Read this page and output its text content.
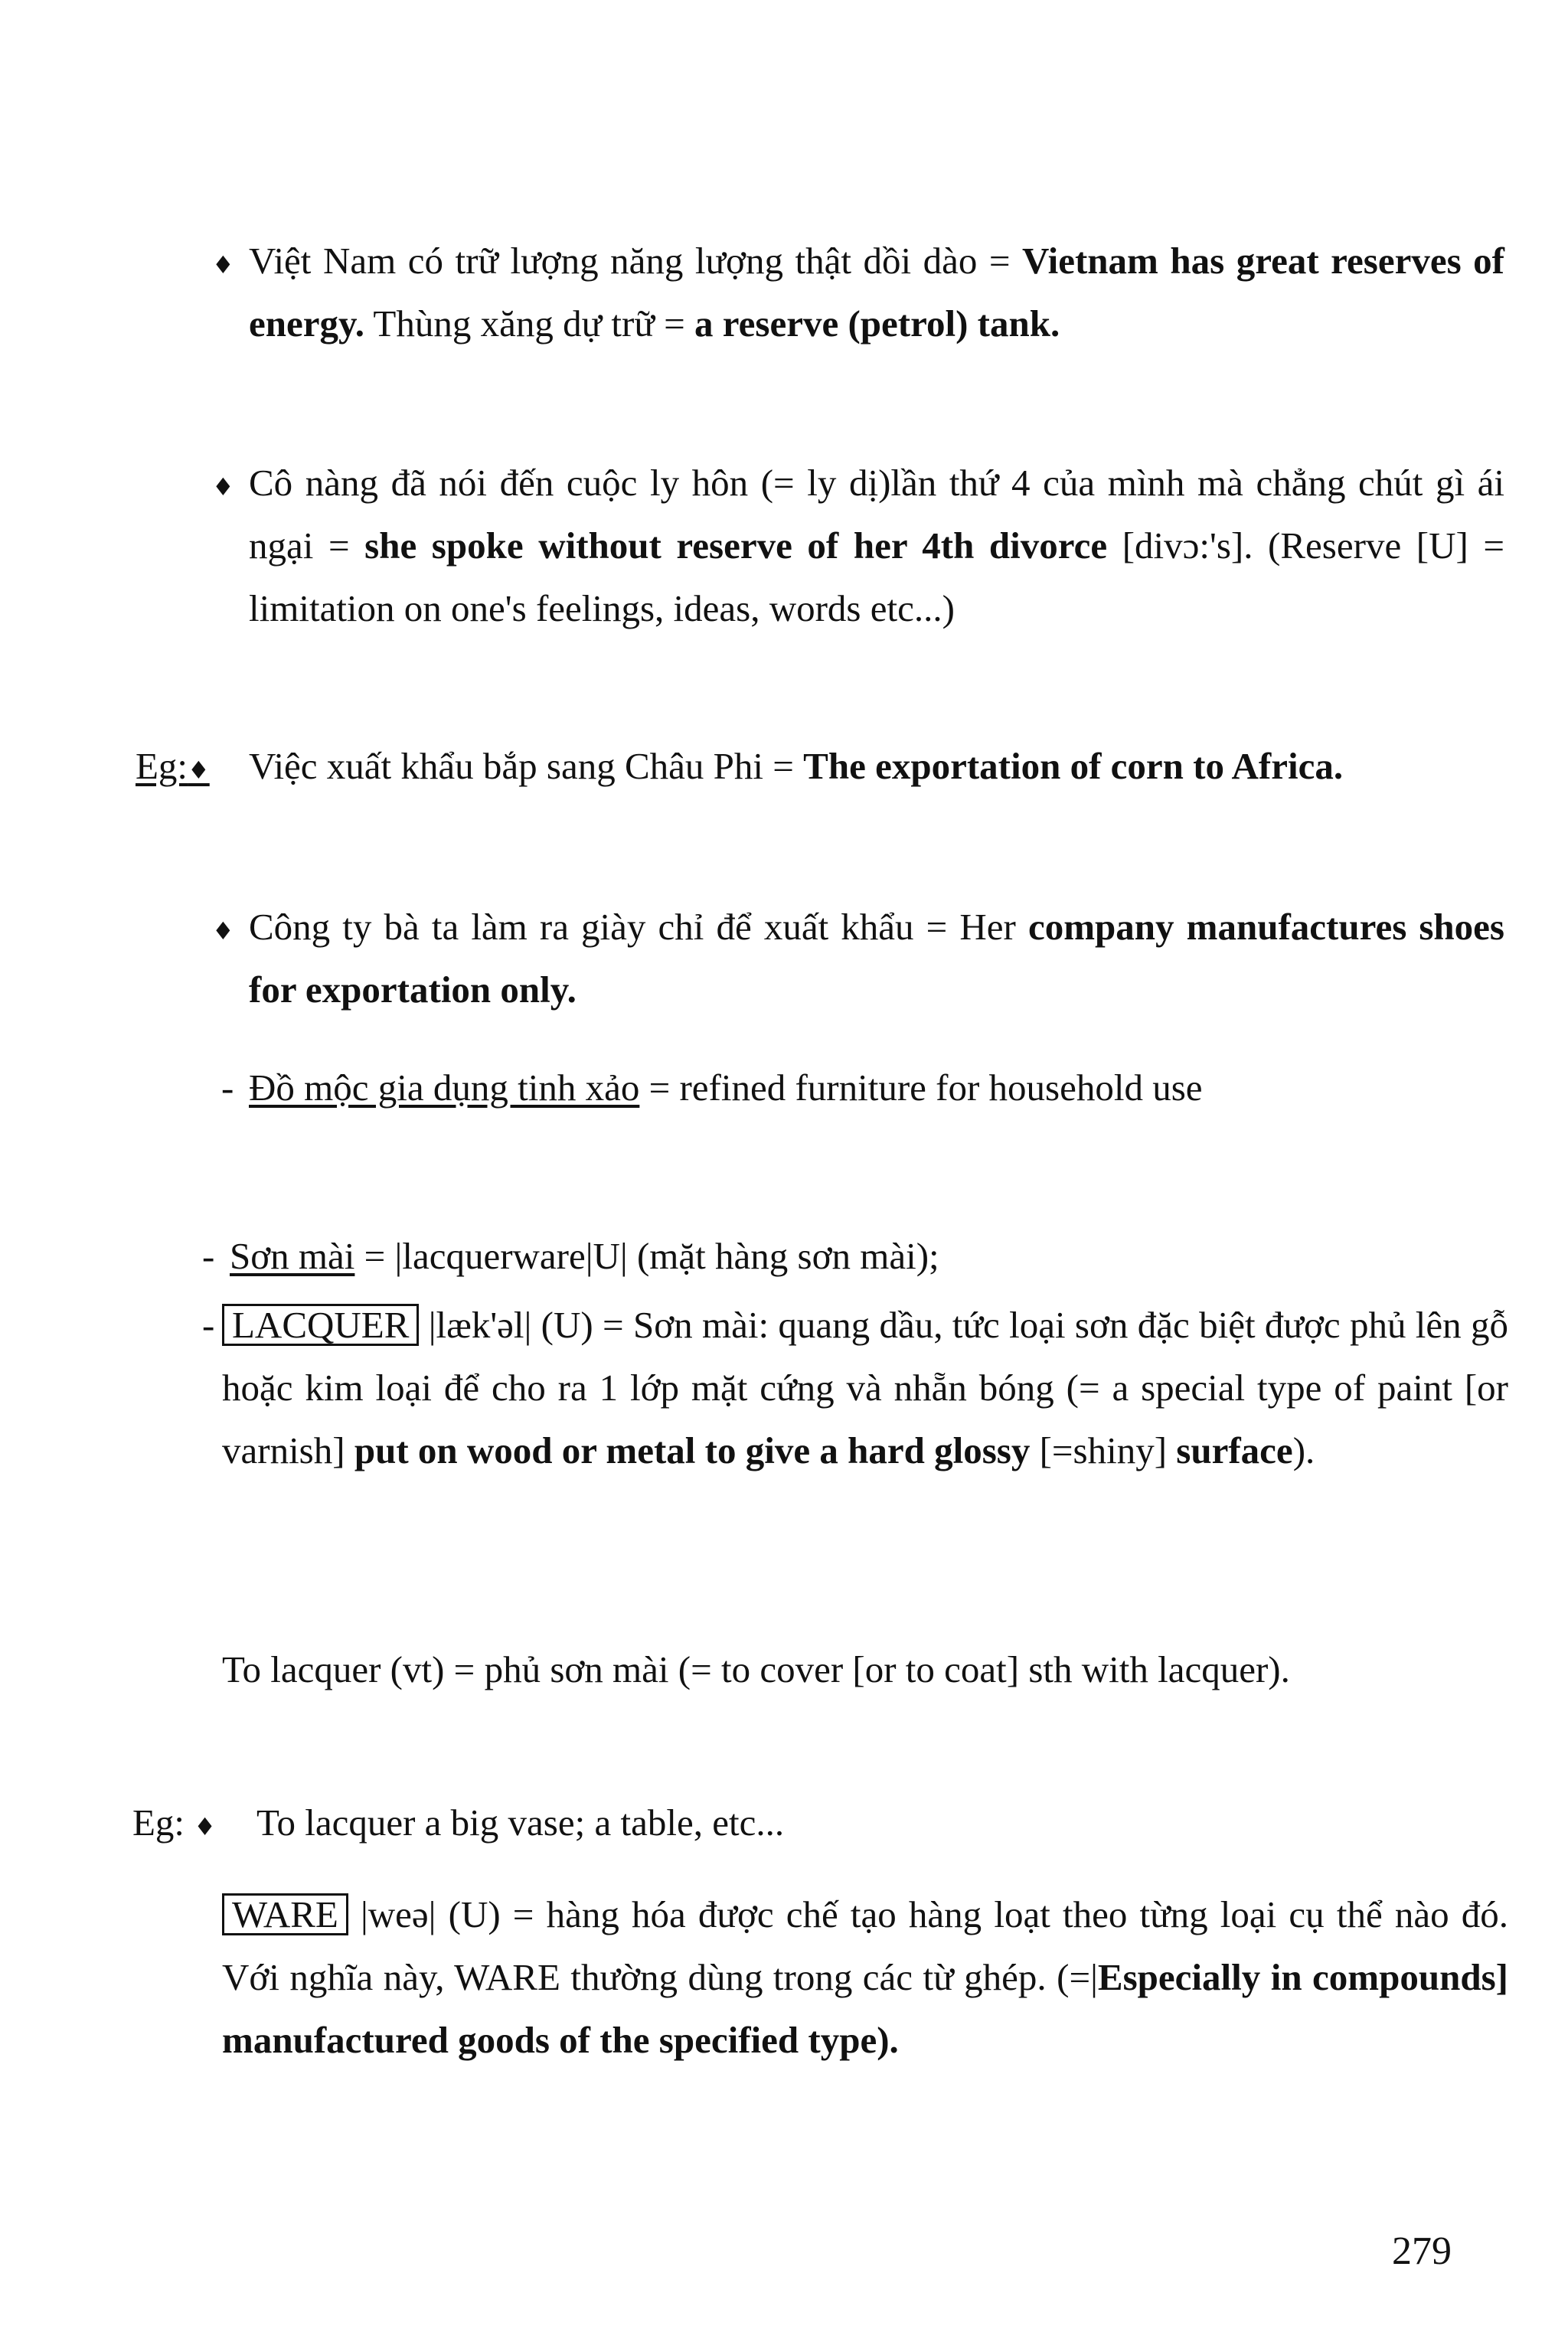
♦ Việt Nam có trữ lượng năng lượng thật dồi dào = Vietnam has great reserves of energy. Thùng xăng dự trữ = a reserve (petrol) tank.

♦ Cô nàng đã nói đến cuộc ly hôn (= ly dị)lần thứ 4 của mình mà chẳng chút gì ái ngại = she spoke without reserve of her 4th divorce [divɔ:'s]. (Reserve [U] = limitation on one's feelings, ideas, words etc...)

Eg:♦ Việc xuất khẩu bắp sang Châu Phi = The exportation of corn to Africa.

♦ Công ty bà ta làm ra giày chỉ để xuất khẩu = Her company manufactures shoes for exportation only.

- Đồ mộc gia dụng tinh xảo = refined furniture for household use

- Sơn mài = |lacquerware|U| (mặt hàng sơn mài);

- LACQUER |læk'əl| (U) = Sơn mài: quang dầu, tức loại sơn đặc biệt được phủ lên gỗ hoặc kim loại để cho ra 1 lớp mặt cứng và nhẵn bóng (= a special type of paint [or varnish] put on wood or metal to give a hard glossy [=shiny] surface).

To lacquer (vt) = phủ sơn mài (= to cover [or to coat] sth with lacquer).

Eg: ♦ To lacquer a big vase; a table, etc...

WARE |weə| (U) = hàng hóa được chế tạo hàng loạt theo từng loại cụ thể nào đó. Với nghĩa này, WARE thường dùng trong các từ ghép. (=|Especially in compounds] manufactured goods of the specified type).

279
